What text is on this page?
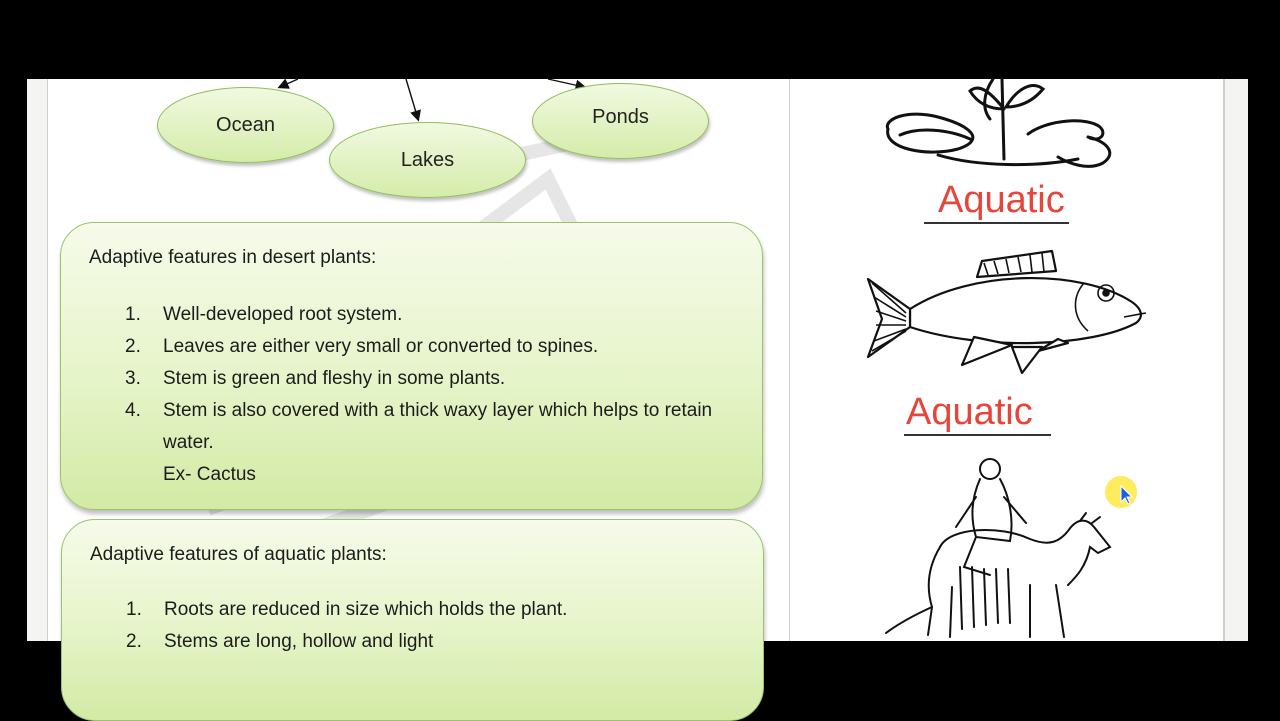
Ocean
Lakes
Ponds
Adaptive features in desert plants:
1.	Well-developed root system.
2.	Leaves are either very small or converted to spines.
3.	Stem is green and fleshy in some plants.
4.	Stem is also covered with a thick waxy layer which helps to retain water.
Ex- Cactus
Adaptive features of aquatic plants:
1.	Roots are reduced in size which holds the plant.
2.	Stems are long, hollow and light
Aquatic
Aquatic
